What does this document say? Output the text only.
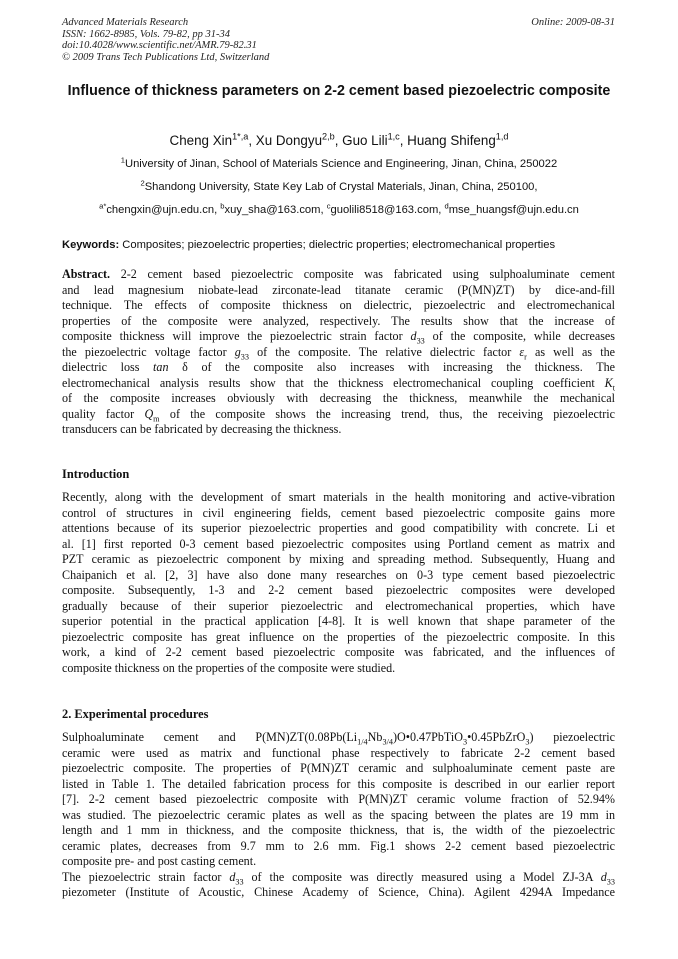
Advanced Materials Research
ISSN: 1662-8985, Vols. 79-82, pp 31-34
doi:10.4028/www.scientific.net/AMR.79-82.31
© 2009 Trans Tech Publications Ltd, Switzerland
Online: 2009-08-31
Influence of thickness parameters on 2-2 cement based piezoelectric composite
Cheng Xin$^{1*,a}$, Xu Dongyu$^{2,b}$, Guo Lili$^{1,c}$, Huang Shifeng$^{1,d}$
$^1$University of Jinan, School of Materials Science and Engineering, Jinan, China, 250022
$^2$Shandong University, State Key Lab of Crystal Materials, Jinan, China, 250100,
$^{a*}$chengxin@ujn.edu.cn, $^b$xuy_sha@163.com, $^c$guolili8518@163.com, $^d$mse_huangsf@ujn.edu.cn
Keywords: Composites; piezoelectric properties; dielectric properties; electromechanical properties
Abstract. 2-2 cement based piezoelectric composite was fabricated using sulphoaluminate cement
and lead magnesium niobate-lead zirconate-lead titanate ceramic (P(MN)ZT) by dice-and-fill
technique. The effects of composite thickness on dielectric, piezoelectric and electromechanical
properties of the composite were analyzed, respectively. The results show that the increase of
composite thickness will improve the piezoelectric strain factor $d_{33}$ of the composite, while decreases
the piezoelectric voltage factor $g_{33}$ of the composite. The relative dielectric factor $\varepsilon_r$ as well as the
dielectric loss tan δ of the composite also increases with increasing the thickness. The
electromechanical analysis results show that the thickness electromechanical coupling coefficient $K_t$
of the composite increases obviously with decreasing the thickness, meanwhile the mechanical
quality factor $Q_m$ of the composite shows the increasing trend, thus, the receiving piezoelectric
transducers can be fabricated by decreasing the thickness.
Introduction
Recently, along with the development of smart materials in the health monitoring and active-vibration
control of structures in civil engineering fields, cement based piezoelectric composite gains more
attentions because of its superior piezoelectric properties and good compatibility with concrete. Li et
al. [1] first reported 0-3 cement based piezoelectric composites using Portland cement as matrix and
PZT ceramic as piezoelectric component by mixing and spreading method. Subsequently, Huang and
Chaipanich et al. [2, 3] have also done many researches on 0-3 type cement based piezoelectric
composite. Subsequently, 1-3 and 2-2 cement based piezoelectric composites were developed
gradually because of their superior piezoelectric and electromechanical properties, which have
superior potential in the practical application [4-8]. It is well known that shape parameter of the
piezoelectric composite has great influence on the properties of the piezoelectric composite. In this
work, a kind of 2-2 cement based piezoelectric composite was fabricated, and the influences of
composite thickness on the properties of the composite were studied.
2. Experimental procedures
Sulphoaluminate cement and $P(MN)ZT(0.08Pb(Li_{1/4}Nb_{3/4})O•0.47PbTiO_3•0.45PbZrO_3)$ piezoelectric
ceramic were used as matrix and functional phase respectively to fabricate 2-2 cement based
piezoelectric composite. The properties of P(MN)ZT ceramic and sulphoaluminate cement paste are
listed in Table 1. The detailed fabrication process for this composite is described in our earlier report
[7]. 2-2 cement based piezoelectric composite with P(MN)ZT ceramic volume fraction of 52.94%
was studied. The piezoelectric ceramic plates as well as the spacing between the plates are 19 mm in
length and 1 mm in thickness, and the composite thickness, that is, the width of the piezoelectric
ceramic plates, decreases from 9.7 mm to 2.6 mm. Fig.1 shows 2-2 cement based piezoelectric
composite pre- and post casting cement.
The piezoelectric strain factor $d_{33}$ of the composite was directly measured using a Model ZJ-3A $d_{33}$
piezometer (Institute of Acoustic, Chinese Academy of Science, China). Agilent 4294A Impedance
